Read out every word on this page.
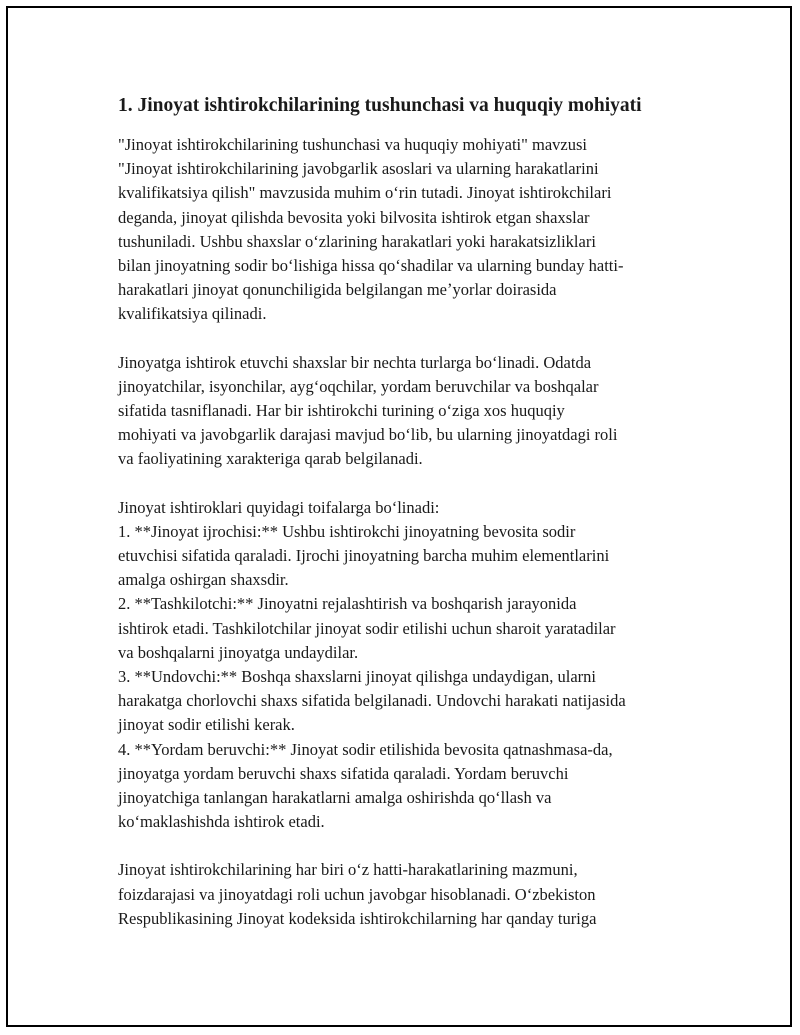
1. Jinoyat ishtirokchilarining tushunchasi va huquqiy mohiyati
"Jinoyat ishtirokchilarining tushunchasi va huquqiy mohiyati" mavzusi
"Jinoyat ishtirokchilarining javobgarlik asoslari va ularning harakatlarini
kvalifikatsiya qilish" mavzusida muhim oʻrin tutadi. Jinoyat ishtirokchilari
deganda, jinoyat qilishda bevosita yoki bilvosita ishtirok etgan shaxslar
tushuniladi. Ushbu shaxslar oʻzlarining harakatlari yoki harakatsizliklari
bilan jinoyatning sodir boʻlishiga hissa qoʻshadilar va ularning bunday hatti-
harakatlari jinoyat qonunchiligida belgilangan meʼyorlar doirasida
kvalifikatsiya qilinadi.
Jinoyatga ishtirok etuvchi shaxslar bir nechta turlarga boʻlinadi. Odatda
jinoyatchilar, isyonchilar, aygʻoqchilar, yordam beruvchilar va boshqalar
sifatida tasniflanadi. Har bir ishtirokchi turining oʻziga xos huquqiy
mohiyati va javobgarlik darajasi mavjud boʻlib, bu ularning jinoyatdagi roli
va faoliyatining xarakteriga qarab belgilanadi.
Jinoyat ishtiroklari quyidagi toifalarga boʻlinadi:
1. **Jinoyat ijrochisi:** Ushbu ishtirokchi jinoyatning bevosita sodir
etuvchisi sifatida qaraladi. Ijrochi jinoyatning barcha muhim elementlarini
amalga oshirgan shaxsdir.
2. **Tashkilotchi:** Jinoyatni rejalashtirish va boshqarish jarayonida
ishtirok etadi. Tashkilotchilar jinoyat sodir etilishi uchun sharoit yaratadilar
va boshqalarni jinoyatga undaydilar.
3. **Undovchi:** Boshqa shaxslarni jinoyat qilishga undaydigan, ularni
harakatga chorlovchi shaxs sifatida belgilanadi. Undovchi harakati natijasida
jinoyat sodir etilishi kerak.
4. **Yordam beruvchi:** Jinoyat sodir etilishida bevosita qatnashmasa-da,
jinoyatga yordam beruvchi shaxs sifatida qaraladi. Yordam beruvchi
jinoyatchiga tanlangan harakatlarni amalga oshirishda qoʻllash va
koʻmaklashishda ishtirok etadi.
Jinoyat ishtirokchilarining har biri oʻz hatti-harakatlarining mazmuni,
foizdarajasi va jinoyatdagi roli uchun javobgar hisoblanadi. Oʻzbekiston
Respublikasining Jinoyat kodeksida ishtirokchilarning har qanday turiga
